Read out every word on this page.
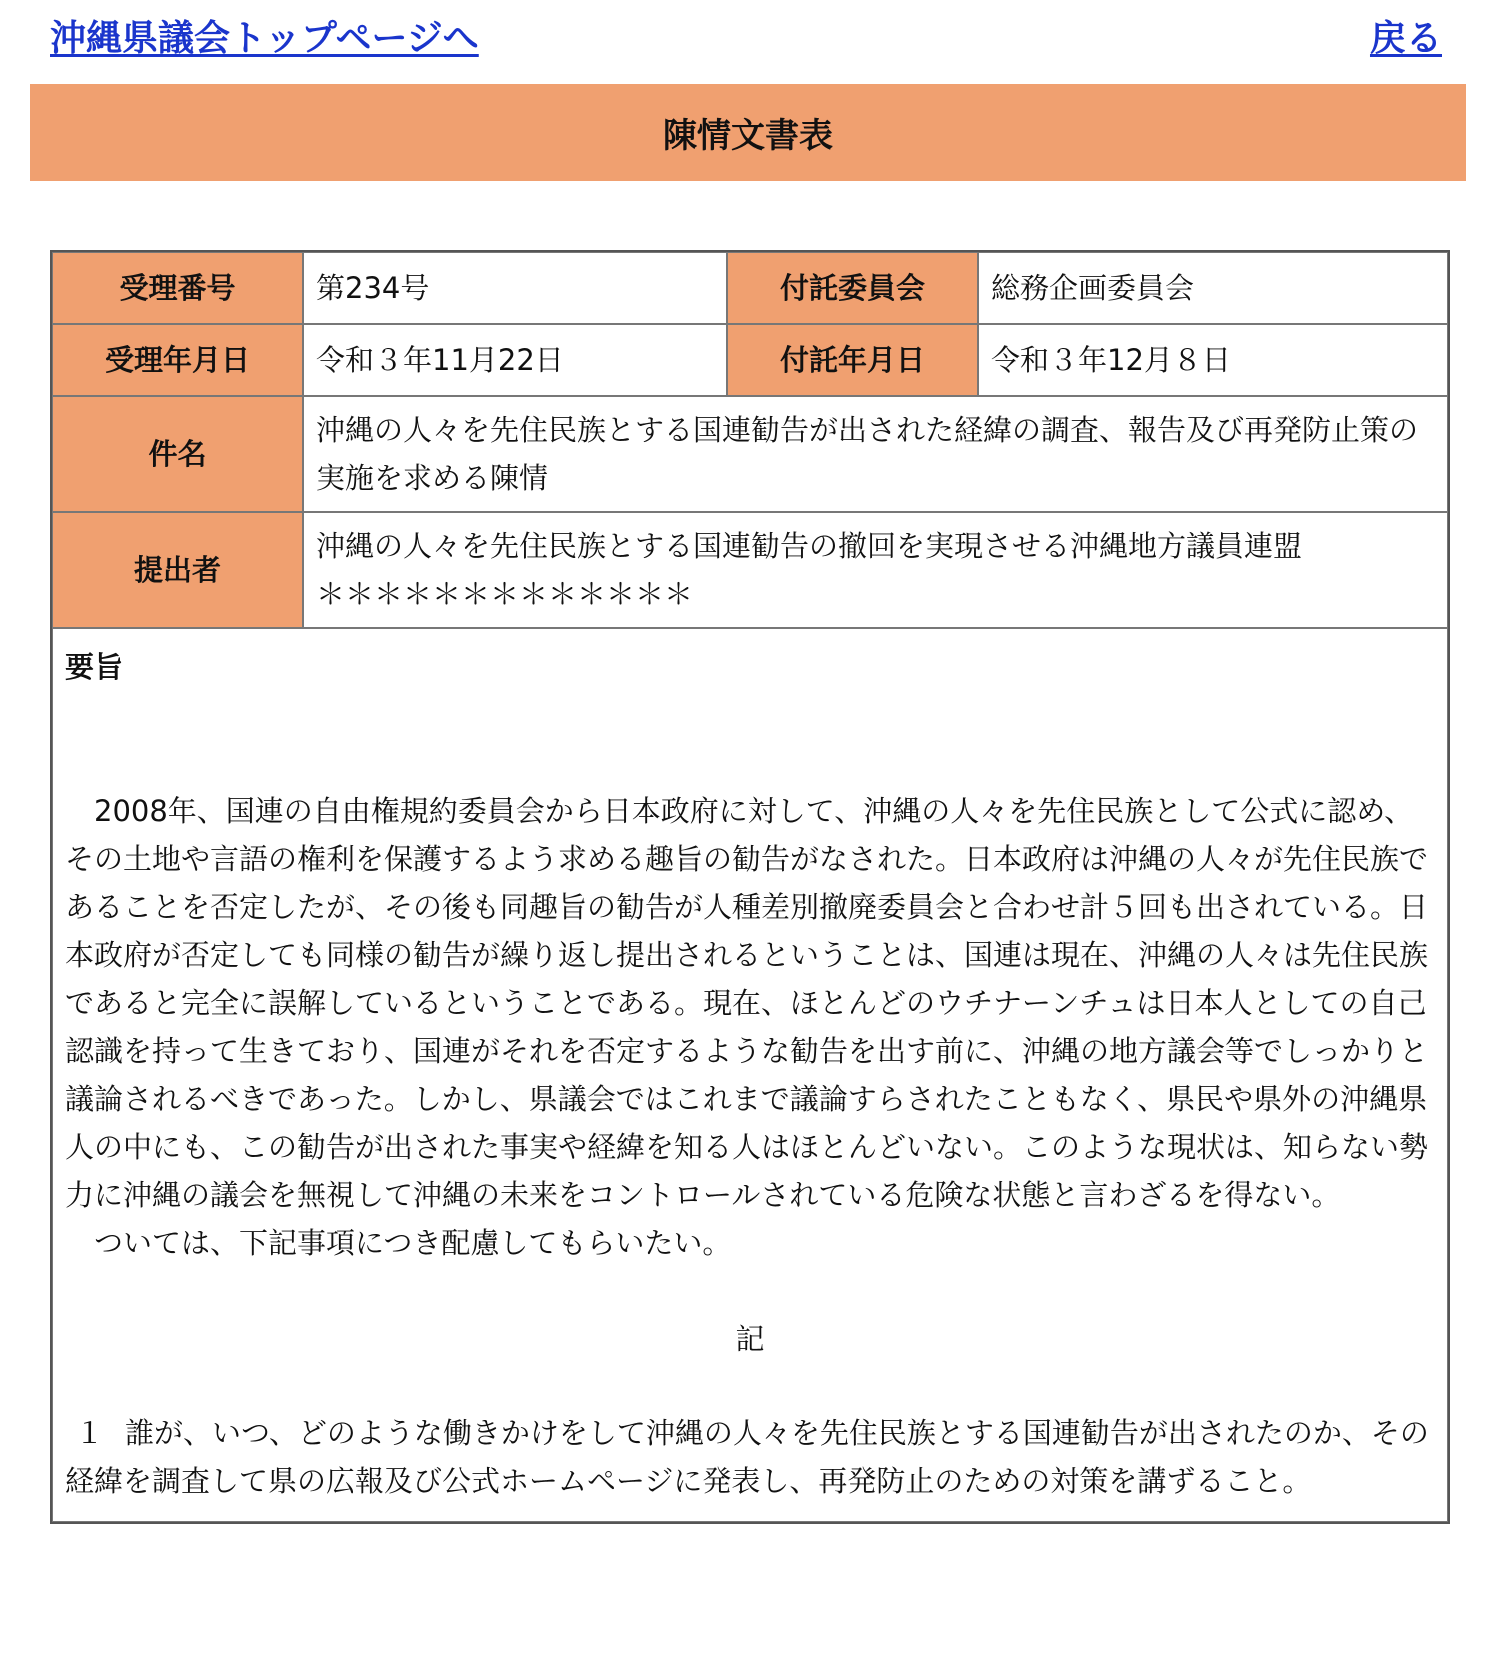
沖縄県議会トップページへ	戻る
陳情文書表
受理番号	第234号	付託委員会	総務企画委員会
受理年月日	令和３年11月22日	付託年月日	令和３年12月８日
件名	沖縄の人々を先住民族とする国連勧告が出された経緯の調査、報告及び再発防止策の実施を求める陳情		
提出者	沖縄の人々を先住民族とする国連勧告の撤回を実現させる沖縄地方議員連盟
＊＊＊＊＊＊＊＊＊＊＊＊＊		

要旨

2008年、国連の自由権規約委員会から日本政府に対して、沖縄の人々を先住民族として公式に認め、その土地や言語の権利を保護するよう求める趣旨の勧告がなされた。日本政府は沖縄の人々が先住民族であることを否定したが、その後も同趣旨の勧告が人種差別撤廃委員会と合わせ計５回も出されている。日本政府が否定しても同様の勧告が繰り返し提出されるということは、国連は現在、沖縄の人々は先住民族であると完全に誤解しているということである。現在、ほとんどのウチナーンチュは日本人としての自己認識を持って生きており、国連がそれを否定するような勧告を出す前に、沖縄の地方議会等でしっかりと議論されるべきであった。しかし、県議会ではこれまで議論すらされたこともなく、県民や県外の沖縄県人の中にも、この勧告が出された事実や経緯を知る人はほとんどいない。このような現状は、知らない勢力に沖縄の議会を無視して沖縄の未来をコントロールされている危険な状態と言わざるを得ない。

ついては、下記事項につき配慮してもらいたい。

記

１ 誰が、いつ、どのような働きかけをして沖縄の人々を先住民族とする国連勧告が出されたのか、その経緯を調査して県の広報及び公式ホームページに発表し、再発防止のための対策を講ずること。			
